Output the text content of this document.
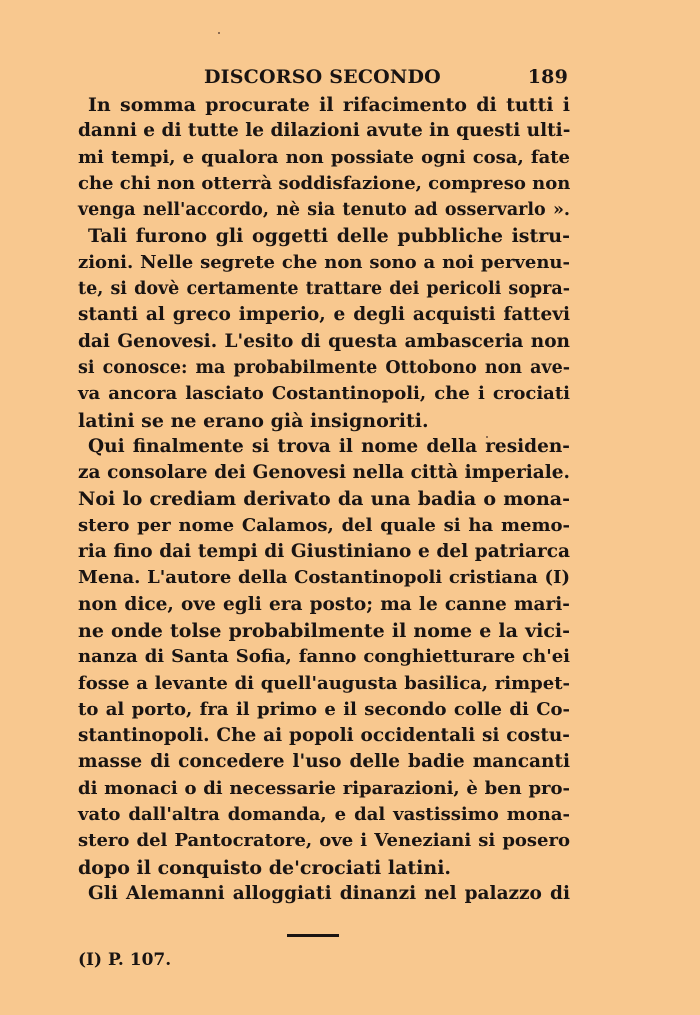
DISCORSO SECONDO	189
In somma procurate il rifacimento di tutti i
danni e di tutte le dilazioni avute in questi ulti-
mi tempi, e qualora non possiate ogni cosa, fate
che chi non otterrà soddisfazione, compreso non
venga nell'accordo, nè sia tenuto ad osservarlo ».
Tali furono gli oggetti delle pubbliche istru-
zioni. Nelle segrete che non sono a noi pervenu-
te, si dovè certamente trattare dei pericoli sopra-
stanti al greco imperio, e degli acquisti fattevi
dai Genovesi. L'esito di questa ambasceria non
si conosce: ma probabilmente Ottobono non ave-
va ancora lasciato Costantinopoli, che i crociati
latini se ne erano già insignoriti.
Qui finalmente si trova il nome della residen-
za consolare dei Genovesi nella città imperiale.
Noi lo crediam derivato da una badia o mona-
stero per nome Calamos, del quale si ha memo-
ria fino dai tempi di Giustiniano e del patriarca
Mena. L'autore della Costantinopoli cristiana (I)
non dice, ove egli era posto; ma le canne mari-
ne onde tolse probabilmente il nome e la vici-
nanza di Santa Sofia, fanno conghietturare ch'ei
fosse a levante di quell'augusta basilica, rimpet-
to al porto, fra il primo e il secondo colle di Co-
stantinopoli. Che ai popoli occidentali si costu-
masse di concedere l'uso delle badie mancanti
di monaci o di necessarie riparazioni, è ben pro-
vato dall'altra domanda, e dal vastissimo mona-
stero del Pantocratore, ove i Veneziani si posero
dopo il conquisto de'crociati latini.
Gli Alemanni alloggiati dinanzi nel palazzo di
(I) P. 107.
